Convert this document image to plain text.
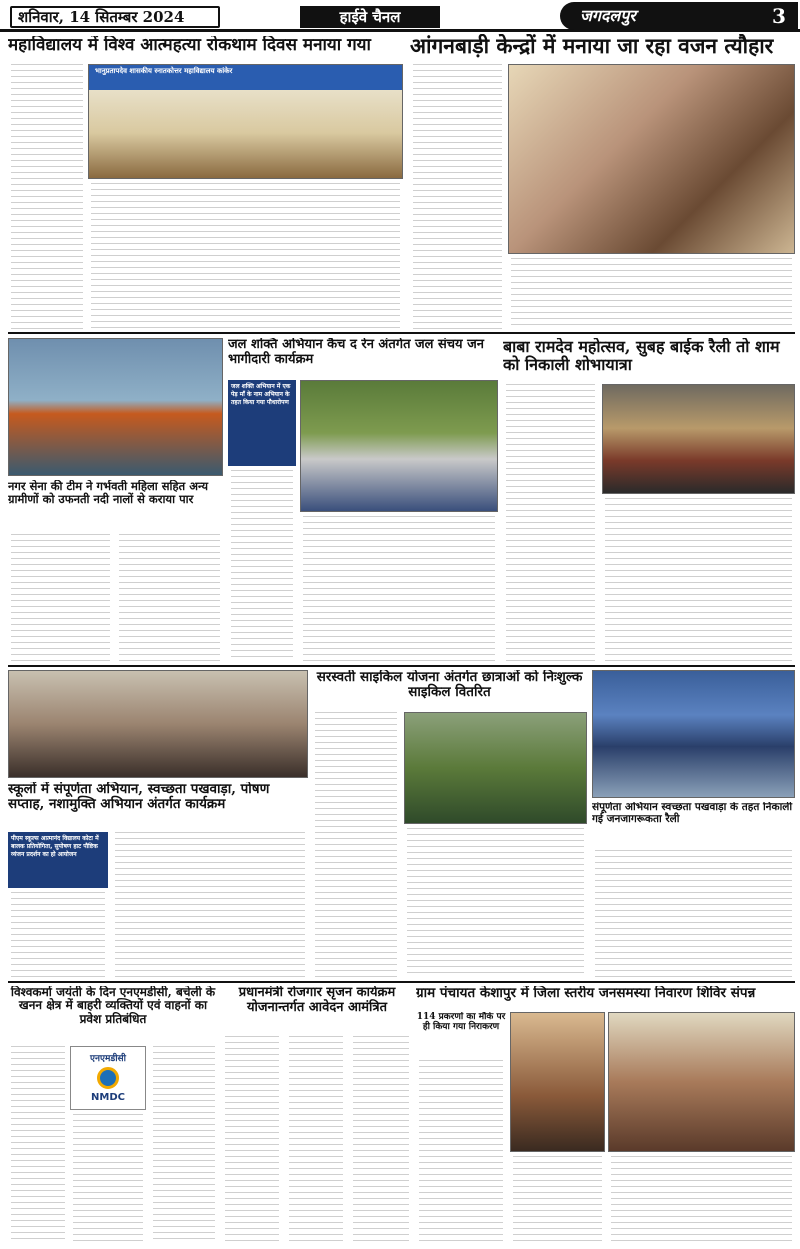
शनिवार, 14 सितम्बर 2024	हाईवे चैनल	जगदलपुर	3
महाविद्यालय में विश्व आत्महत्या रोकथाम दिवस मनाया गया
भानुप्रतापदेव शासकीय स्नातकोत्तर महाविद्यालय कांकेर
आंगनबाड़ी केन्द्रों में मनाया जा रहा वजन त्यौहार
नगर सेना की टीम ने गर्भवती महिला सहित अन्य ग्रामीणों को उफनती नदी नालों से कराया पार
जल शक्ति अभियान कैच द रेन अंतर्गत जल संचय जन भागीदारी कार्यक्रम
जल शक्ति अभियान में एक पेड़ माँ के नाम अभियान के तहत किया गया पौधारोपण
बाबा रामदेव महोत्सव, सुबह बाईक रैली तो शाम को निकाली शोभायात्रा
स्कूलों में संपूर्णता अभियान, स्वच्छता पखवाड़ा, पोषण सप्ताह, नशामुक्ति अभियान अंतर्गत कार्यक्रम
पीएम स्कूल्स आत्मानंद विद्यालय कोटा में बालक प्रतियोगिता, सुपोषण हाट पौष्टिक व्यंजन प्रदर्शन का हो आयोजन
सरस्वती साइकिल योजना अंतर्गत छात्राओं को निःशुल्क साइकिल वितरित
संपूर्णता अभियान स्वच्छता पखवाड़ा के तहत निकाली गई जनजागरूकता रैली
विश्वकर्मा जयंती के दिन एनएमडीसी, बचेली के खनन क्षेत्र में बाहरी व्यक्तियों एवं वाहनों का प्रवेश प्रतिबंधित
एनएमडीसी
NMDC
प्रधानमंत्री रोजगार सृजन कार्यक्रम योजनान्तर्गत आवेदन आमंत्रित
ग्राम पंचायत केशापुर में जिला स्तरीय जनसमस्या निवारण शिविर संपन्न
114 प्रकरणों का मौके पर ही किया गया निराकरण
